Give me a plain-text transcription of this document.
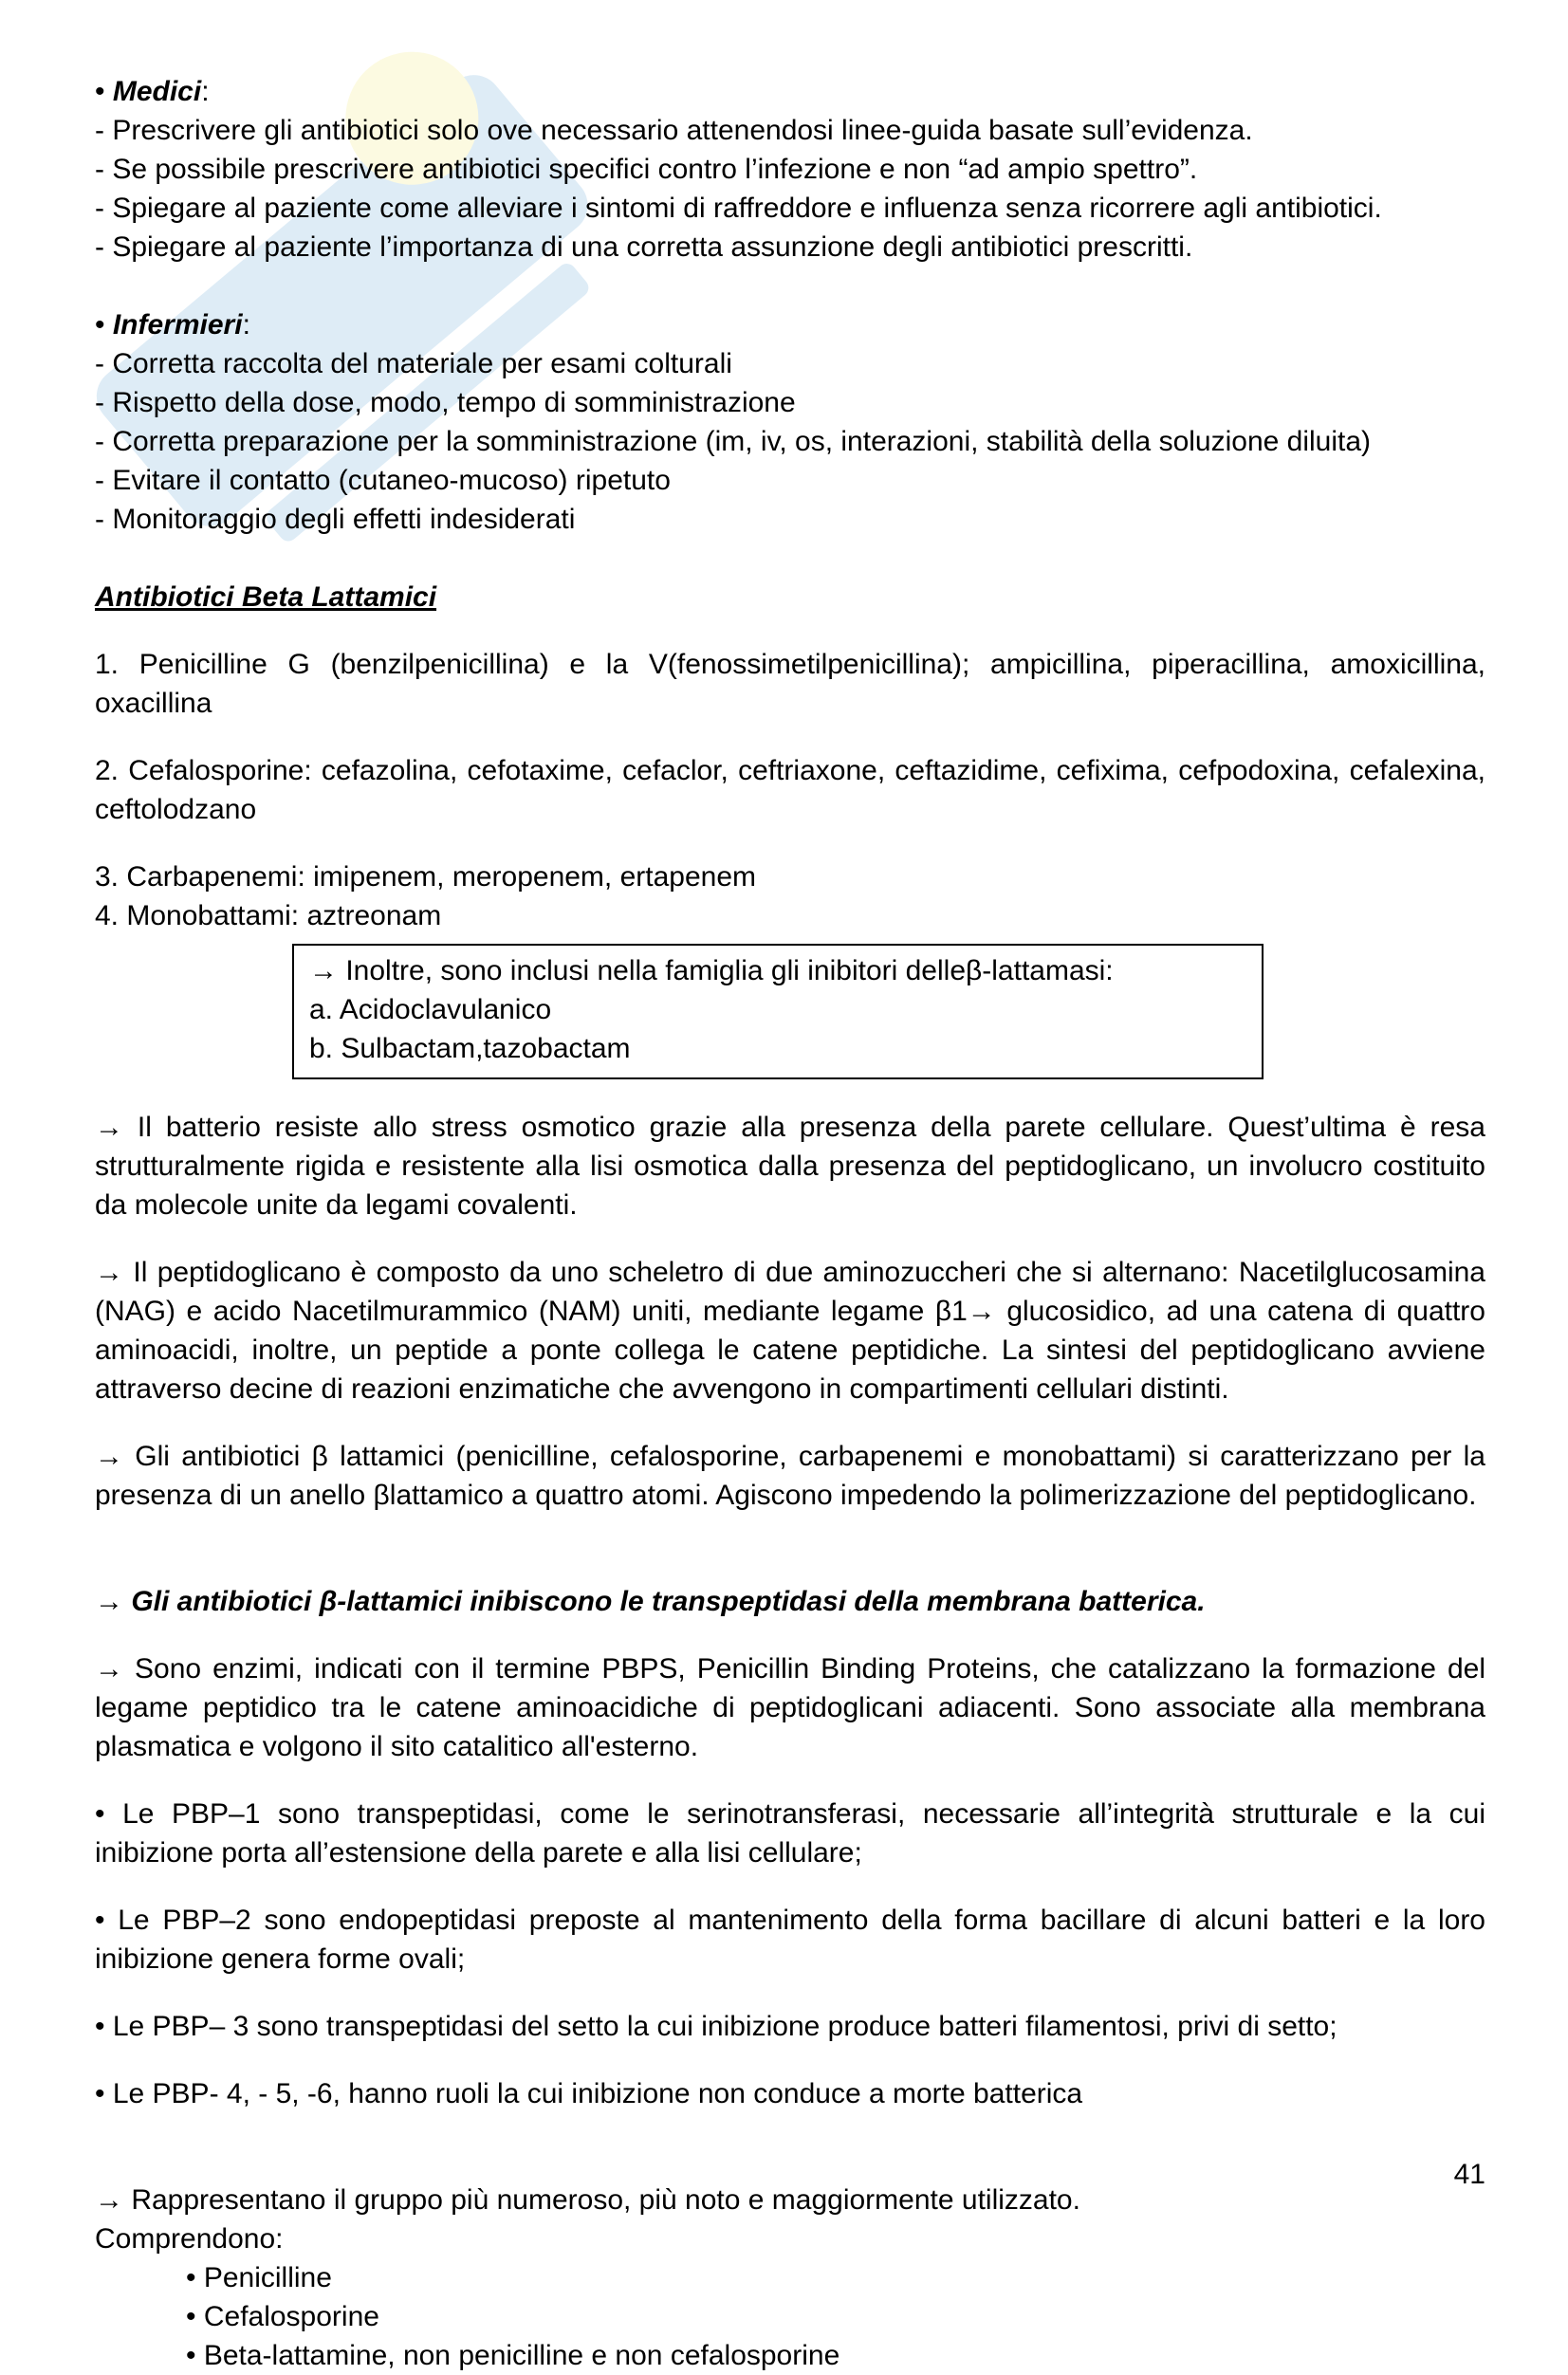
• Medici:

- Prescrivere gli antibiotici solo ove necessario attenendosi linee-guida basate sull’evidenza.

- Se possibile prescrivere antibiotici specifici contro l’infezione e non “ad ampio spettro”.

- Spiegare al paziente come alleviare i sintomi di raffreddore e influenza senza ricorrere agli antibiotici.

- Spiegare al paziente l’importanza di una corretta assunzione degli antibiotici prescritti.

• Infermieri:

- Corretta raccolta del materiale per esami colturali

- Rispetto della dose, modo, tempo di somministrazione

- Corretta preparazione per la somministrazione (im, iv, os, interazioni, stabilità della soluzione diluita)

- Evitare il contatto (cutaneo-mucoso) ripetuto

- Monitoraggio degli effetti indesiderati

Antibiotici Beta Lattamici

1. Penicilline G (benzilpenicillina) e la V(fenossimetilpenicillina); ampicillina, piperacillina, amoxicillina, oxacillina

2. Cefalosporine: cefazolina, cefotaxime, cefaclor, ceftriaxone, ceftazidime, cefixima, cefpodoxina, cefalexina, ceftolodzano

3. Carbapenemi: imipenem, meropenem, ertapenem

4. Monobattami: aztreonam

→ Inoltre, sono inclusi nella famiglia gli inibitori delleβ-lattamasi:

a. Acidoclavulanico

b. Sulbactam,tazobactam

→ Il batterio resiste allo stress osmotico grazie alla presenza della parete cellulare. Quest’ultima è resa strutturalmente rigida e resistente alla lisi osmotica dalla presenza del peptidoglicano, un involucro costituito da molecole unite da legami covalenti.

→ Il peptidoglicano è composto da uno scheletro di due aminozuccheri che si alternano: Nacetilglucosamina (NAG) e acido Nacetilmurammico (NAM) uniti, mediante legame β1→ glucosidico, ad una catena di quattro aminoacidi, inoltre, un peptide a ponte collega le catene peptidiche. La sintesi del peptidoglicano avviene attraverso decine di reazioni enzimatiche che avvengono in compartimenti cellulari distinti.

→ Gli antibiotici β lattamici (penicilline, cefalosporine, carbapenemi e monobattami) si caratterizzano per la presenza di un anello βlattamico a quattro atomi. Agiscono impedendo la polimerizzazione del peptidoglicano.

→ Gli antibiotici β-lattamici inibiscono le transpeptidasi della membrana batterica.

→ Sono enzimi, indicati con il termine PBPS, Penicillin Binding Proteins, che catalizzano la formazione del legame peptidico tra le catene aminoacidiche di peptidoglicani adiacenti. Sono associate alla membrana plasmatica e volgono il sito catalitico all'esterno.

• Le PBP–1 sono transpeptidasi, come le serinotransferasi, necessarie all’integrità strutturale e la cui inibizione porta all’estensione della parete e alla lisi cellulare;

• Le PBP–2 sono endopeptidasi preposte al mantenimento della forma bacillare di alcuni batteri e la loro inibizione genera forme ovali;

• Le PBP– 3 sono transpeptidasi del setto la cui inibizione produce batteri filamentosi, privi di setto;

• Le PBP- 4, - 5, -6, hanno ruoli la cui inibizione non conduce a morte batterica

→ Rappresentano il gruppo più numeroso, più noto e maggiormente utilizzato.

Comprendono:

• Penicilline

• Cefalosporine

• Beta-lattamine, non penicilline e non cefalosporine

41
